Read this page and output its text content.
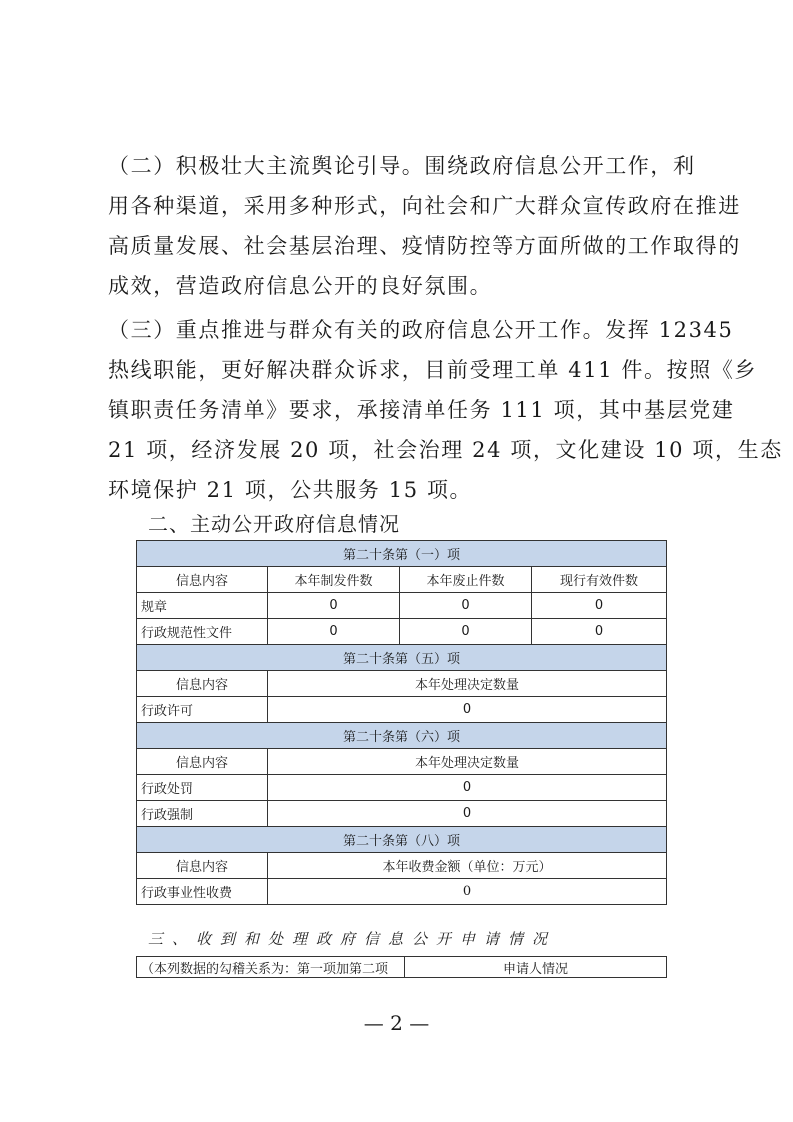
（二）积极壮大主流舆论引导。围绕政府信息公开工作，利
用各种渠道，采用多种形式，向社会和广大群众宣传政府在推进
高质量发展、社会基层治理、疫情防控等方面所做的工作取得的
成效，营造政府信息公开的良好氛围。
（三）重点推进与群众有关的政府信息公开工作。发挥 12345
热线职能，更好解决群众诉求，目前受理工单 411 件。按照《乡
镇职责任务清单》要求，承接清单任务 111 项，其中基层党建
21 项，经济发展 20 项，社会治理 24 项，文化建设 10 项，生态
环境保护 21 项，公共服务 15 项。
二、主动公开政府信息情况
第二十条第（一）项			
信息内容	本年制发件数	本年废止件数	现行有效件数
规章	0	0	0
行政规范性文件	0	0	0
第二十条第（五）项			
信息内容	本年处理决定数量		
行政许可	0		
第二十条第（六）项			
信息内容	本年处理决定数量		
行政处罚	0		
行政强制	0		
第二十条第（八）项			
信息内容	本年收费金额（单位：万元）		
行政事业性收费	0		
三、收到和处理政府信息公开申请情况
（本列数据的勾稽关系为：第一项加第二项	申请人情况
— 2 —
